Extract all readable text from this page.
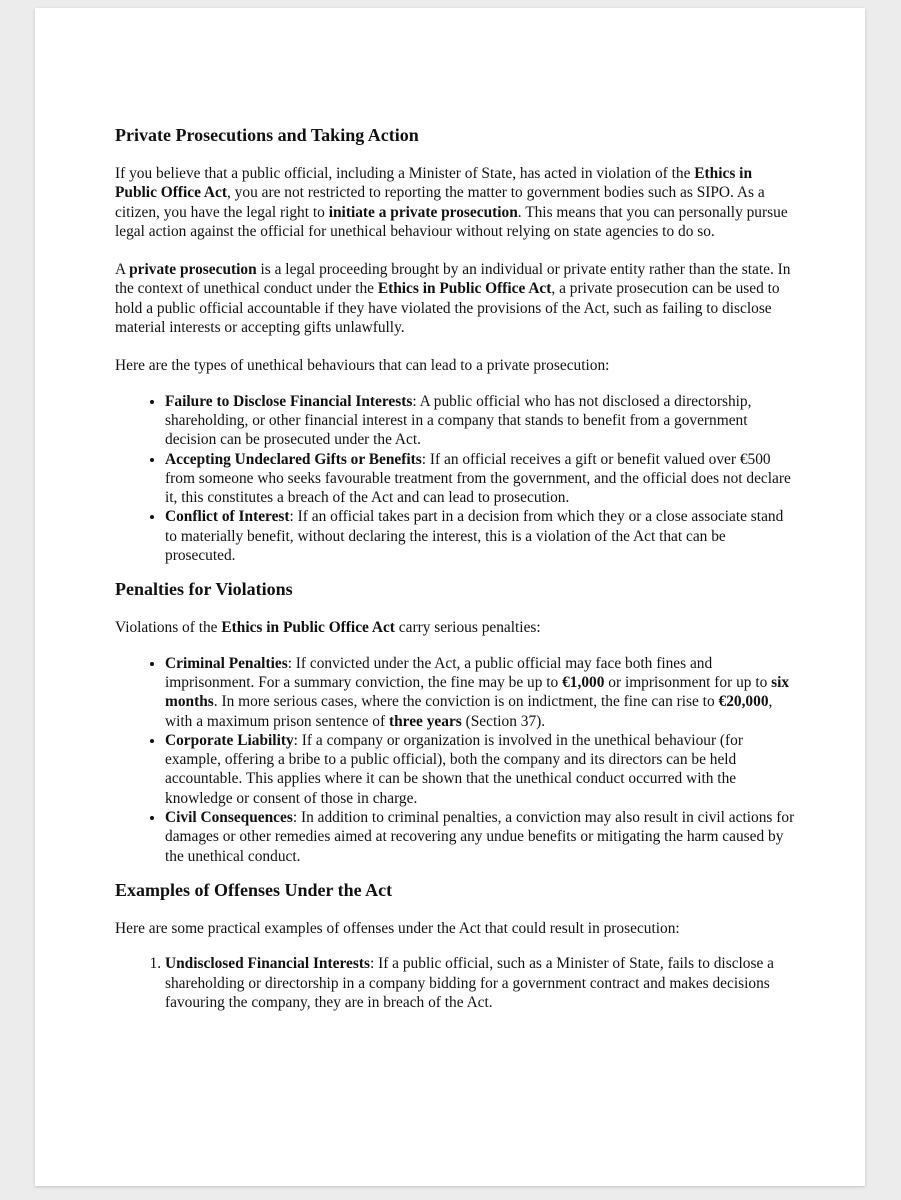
Private Prosecutions and Taking Action

If you believe that a public official, including a Minister of State, has acted in violation of the Ethics in Public Office Act, you are not restricted to reporting the matter to government bodies such as SIPO. As a citizen, you have the legal right to initiate a private prosecution. This means that you can personally pursue legal action against the official for unethical behaviour without relying on state agencies to do so.

A private prosecution is a legal proceeding brought by an individual or private entity rather than the state. In the context of unethical conduct under the Ethics in Public Office Act, a private prosecution can be used to hold a public official accountable if they have violated the provisions of the Act, such as failing to disclose material interests or accepting gifts unlawfully.

Here are the types of unethical behaviours that can lead to a private prosecution:

• Failure to Disclose Financial Interests: A public official who has not disclosed a directorship, shareholding, or other financial interest in a company that stands to benefit from a government decision can be prosecuted under the Act.
• Accepting Undeclared Gifts or Benefits: If an official receives a gift or benefit valued over €500 from someone who seeks favourable treatment from the government, and the official does not declare it, this constitutes a breach of the Act and can lead to prosecution.
• Conflict of Interest: If an official takes part in a decision from which they or a close associate stand to materially benefit, without declaring the interest, this is a violation of the Act that can be prosecuted.
Penalties for Violations

Violations of the Ethics in Public Office Act carry serious penalties:

• Criminal Penalties: If convicted under the Act, a public official may face both fines and imprisonment. For a summary conviction, the fine may be up to €1,000 or imprisonment for up to six months. In more serious cases, where the conviction is on indictment, the fine can rise to €20,000, with a maximum prison sentence of three years (Section 37).
• Corporate Liability: If a company or organization is involved in the unethical behaviour (for example, offering a bribe to a public official), both the company and its directors can be held accountable. This applies where it can be shown that the unethical conduct occurred with the knowledge or consent of those in charge.
• Civil Consequences: In addition to criminal penalties, a conviction may also result in civil actions for damages or other remedies aimed at recovering any undue benefits or mitigating the harm caused by the unethical conduct.
Examples of Offenses Under the Act

Here are some practical examples of offenses under the Act that could result in prosecution:

1. Undisclosed Financial Interests: If a public official, such as a Minister of State, fails to disclose a shareholding or directorship in a company bidding for a government contract and makes decisions favouring the company, they are in breach of the Act.
